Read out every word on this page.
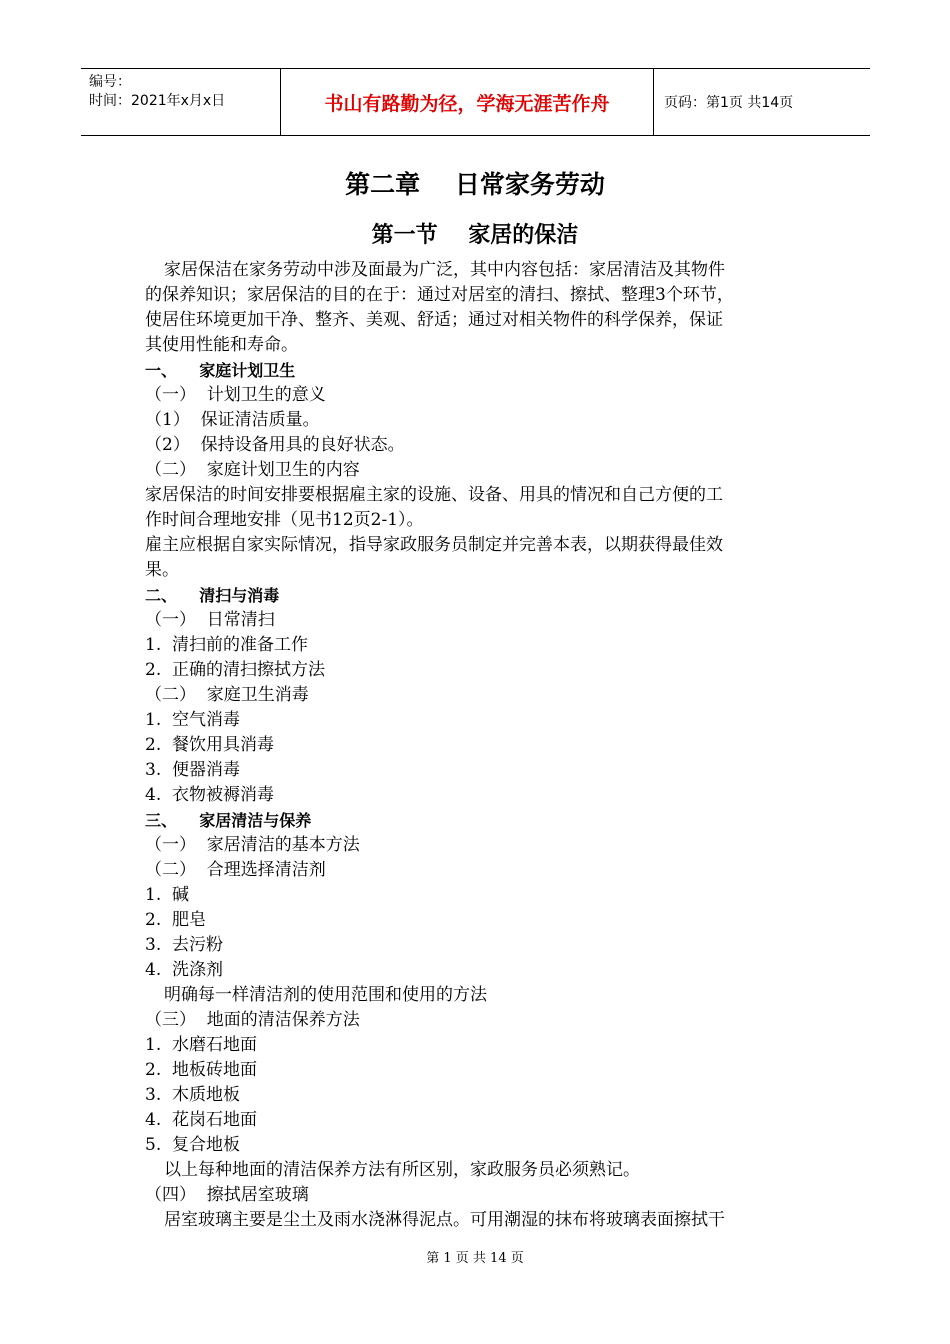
编号：
时间：2021年x月x日	书山有路勤为径，学海无涯苦作舟	页码：第1页 共14页
第二章    日常家务劳动
第一节    家居的保洁
家居保洁在家务劳动中涉及面最为广泛，其中内容包括：家居清洁及其物件
的保养知识；家居保洁的目的在于：通过对居室的清扫、擦拭、整理3个环节，
使居住环境更加干净、整齐、美观、舒适；通过对相关物件的科学保养，保证
其使用性能和寿命。
一、    家庭计划卫生
（一）  计划卫生的意义
（1）  保证清洁质量。
（2）  保持设备用具的良好状态。
（二）  家庭计划卫生的内容
家居保洁的时间安排要根据雇主家的设施、设备、用具的情况和自己方便的工
作时间合理地安排（见书12页2-1）。
雇主应根据自家实际情况，指导家政服务员制定并完善本表，以期获得最佳效
果。
二、    清扫与消毒
（一）  日常清扫
1.  清扫前的准备工作
2.  正确的清扫擦拭方法
（二）  家庭卫生消毒
1.  空气消毒
2.  餐饮用具消毒
3.  便器消毒
4.  衣物被褥消毒
三、    家居清洁与保养
（一）  家居清洁的基本方法
（二）  合理选择清洁剂
1.  碱
2.  肥皂
3.  去污粉
4.  洗涤剂
明确每一样清洁剂的使用范围和使用的方法
（三）  地面的清洁保养方法
1.  水磨石地面
2.  地板砖地面
3.  木质地板
4.  花岗石地面
5.  复合地板
以上每种地面的清洁保养方法有所区别，家政服务员必须熟记。
（四）  擦拭居室玻璃
居室玻璃主要是尘土及雨水浇淋得泥点。可用潮湿的抹布将玻璃表面擦拭干
第 1 页 共 14 页
